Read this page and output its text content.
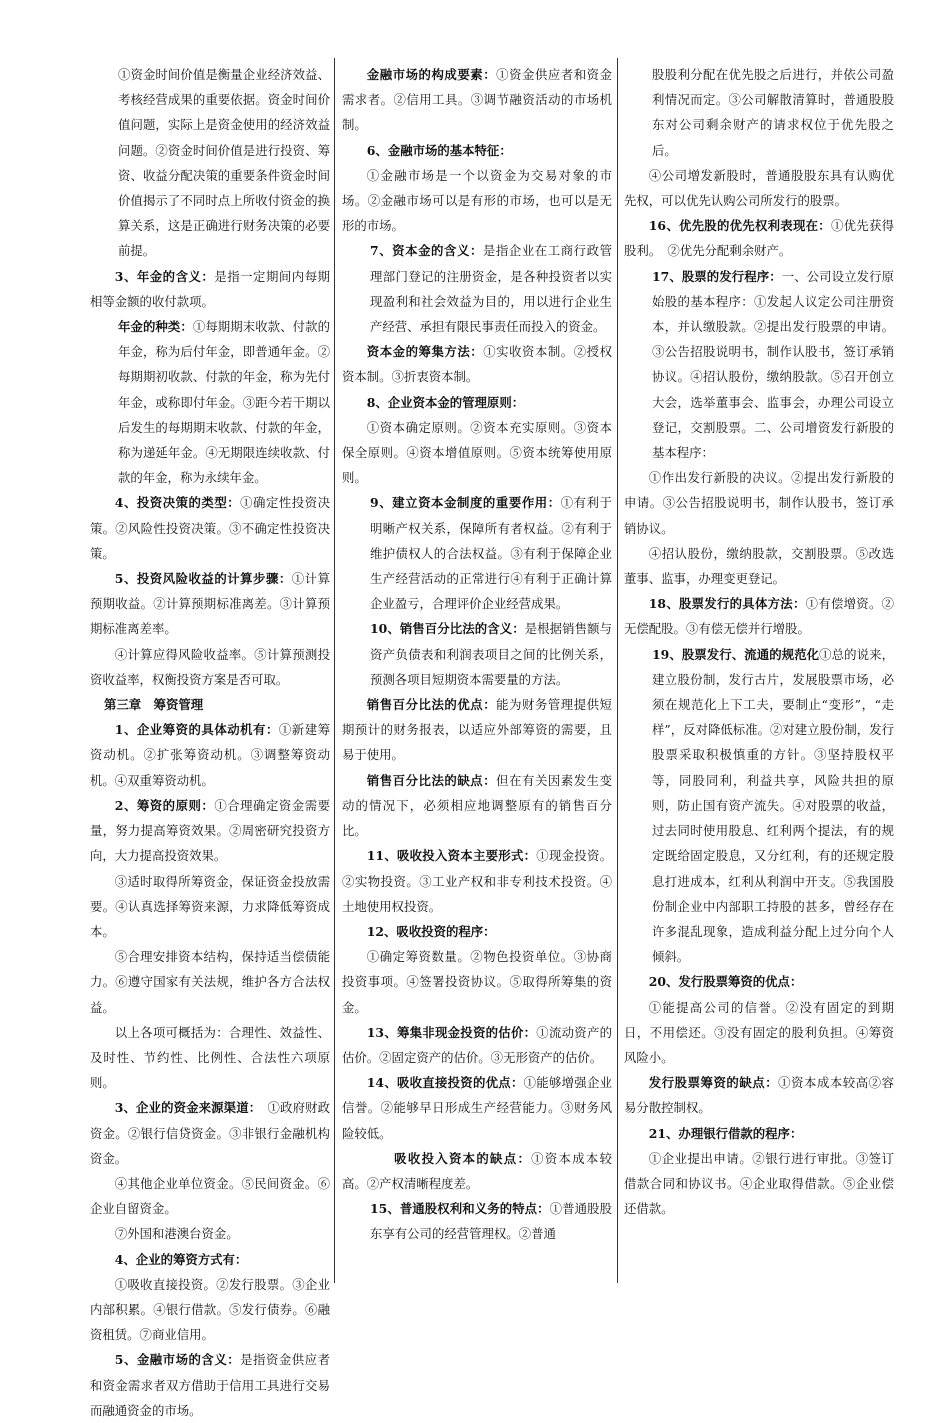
①资金时间价值是衡量企业经济效益、考核经营成果的重要依据。资金时间价值问题，实际上是资金使用的经济效益问题。②资金时间价值是进行投资、筹资、收益分配决策的重要条件资金时间价值揭示了不同时点上所收付资金的换算关系，这是正确进行财务决策的必要前提。

3、年金的含义：是指一定期间内每期相等金额的收付款项。

年金的种类：①每期期末收款、付款的年金，称为后付年金，即普通年金。②每期期初收款、付款的年金，称为先付年金，或称即付年金。③距今若干期以后发生的每期期末收款、付款的年金，称为递延年金。④无期限连续收款、付款的年金，称为永续年金。

4、投资决策的类型：①确定性投资决策。②风险性投资决策。③不确定性投资决策。

5、投资风险收益的计算步骤：①计算预期收益。②计算预期标准离差。③计算预期标准离差率。

④计算应得风险收益率。⑤计算预测投资收益率，权衡投资方案是否可取。

第三章　筹资管理

1、企业筹资的具体动机有：①新建筹资动机。②扩张筹资动机。③调整筹资动机。④双重筹资动机。

2、筹资的原则：①合理确定资金需要量，努力提高筹资效果。②周密研究投资方向，大力提高投资效果。

③适时取得所筹资金，保证资金投放需要。④认真选择筹资来源，力求降低筹资成本。

⑤合理安排资本结构，保持适当偿债能力。⑥遵守国家有关法规，维护各方合法权益。

以上各项可概括为：合理性、效益性、及时性、节约性、比例性、合法性六项原则。

3、企业的资金来源渠道：　①政府财政资金。②银行信贷资金。③非银行金融机构资金。

④其他企业单位资金。⑤民间资金。⑥企业自留资金。

⑦外国和港澳台资金。

4、企业的筹资方式有：

①吸收直接投资。②发行股票。③企业内部积累。④银行借款。⑤发行债券。⑥融资租赁。⑦商业信用。

5、金融市场的含义：是指资金供应者和资金需求者双方借助于信用工具进行交易而融通资金的市场。

金融市场的构成要素：①资金供应者和资金需求者。②信用工具。③调节融资活动的市场机制。

6、金融市场的基本特征：

①金融市场是一个以资金为交易对象的市场。②金融市场可以是有形的市场，也可以是无形的市场。

7、资本金的含义：是指企业在工商行政管理部门登记的注册资金，是各种投资者以实现盈利和社会效益为目的，用以进行企业生产经营、承担有限民事责任而投入的资金。

资本金的筹集方法：①实收资本制。②授权资本制。③折衷资本制。

8、企业资本金的管理原则：

①资本确定原则。②资本充实原则。③资本保全原则。④资本增值原则。⑤资本统筹使用原则。

9、建立资本金制度的重要作用：①有利于明晰产权关系，保障所有者权益。②有利于维护债权人的合法权益。③有利于保障企业生产经营活动的正常进行④有利于正确计算企业盈亏，合理评价企业经营成果。

10、销售百分比法的含义：是根据销售额与资产负债表和利润表项目之间的比例关系，预测各项目短期资本需要量的方法。

销售百分比法的优点：能为财务管理提供短期预计的财务报表，以适应外部筹资的需要，且易于使用。

销售百分比法的缺点：但在有关因素发生变动的情况下，必须相应地调整原有的销售百分比。

11、吸收投入资本主要形式：①现金投资。②实物投资。③工业产权和非专利技术投资。④土地使用权投资。

12、吸收投资的程序：

①确定筹资数量。②物色投资单位。③协商投资事项。④签署投资协议。⑤取得所筹集的资金。

13、筹集非现金投资的估价：①流动资产的估价。②固定资产的估价。③无形资产的估价。

14、吸收直接投资的优点：①能够增强企业信誉。②能够早日形成生产经营能力。③财务风险较低。

　　吸收投入资本的缺点：①资本成本较高。②产权清晰程度差。

15、普通股权利和义务的特点：①普通股股东享有公司的经营管理权。②普通

股股利分配在优先股之后进行，并依公司盈利情况而定。③公司解散清算时，普通股股东对公司剩余财产的请求权位于优先股之后。

④公司增发新股时，普通股股东具有认购优先权，可以优先认购公司所发行的股票。

16、优先股的优先权利表现在：①优先获得股利。　②优先分配剩余财产。

17、股票的发行程序：一、公司设立发行原始股的基本程序：①发起人议定公司注册资本，并认缴股款。②提出发行股票的申请。③公告招股说明书，制作认股书，签订承销协议。④招认股份，缴纳股款。⑤召开创立大会，选举董事会、监事会，办理公司设立登记，交割股票。二、公司增资发行新股的基本程序：

①作出发行新股的决议。②提出发行新股的申请。③公告招股说明书，制作认股书，签订承销协议。

④招认股份，缴纳股款，交割股票。⑤改选董事、监事，办理变更登记。

18、股票发行的具体方法：①有偿增资。②无偿配股。③有偿无偿并行增股。

19、股票发行、流通的规范化①总的说来，建立股份制，发行古片，发展股票市场，必须在规范化上下工夫，要制止“变形”，“走样”，反对降低标准。②对建立股份制，发行股票采取积极慎重的方针。③坚持股权平等，同股同利，利益共享，风险共担的原则，防止国有资产流失。④对股票的收益，过去同时使用股息、红利两个提法，有的规定既给固定股息，又分红利，有的还规定股息打进成本，红利从利润中开支。⑤我国股份制企业中内部职工持股的甚多，曾经存在许多混乱现象，造成利益分配上过分向个人倾斜。

20、发行股票筹资的优点：

①能提高公司的信誉。②没有固定的到期日，不用偿还。③没有固定的股利负担。④筹资风险小。

发行股票筹资的缺点：①资本成本较高②容易分散控制权。

21、办理银行借款的程序：

①企业提出申请。②银行进行审批。③签订借款合同和协议书。④企业取得借款。⑤企业偿还借款。
